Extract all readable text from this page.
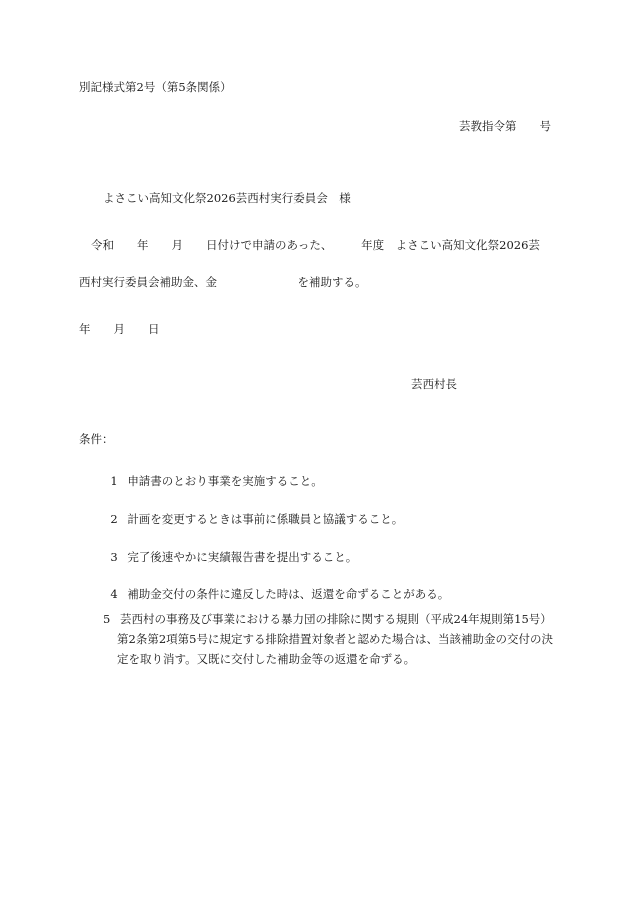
別記様式第2号（第5条関係）
芸教指令第　　号
よさこい高知文化祭2026芸西村実行委員会　様
令和　　年　　月　　日付けで申請のあった、　　　年度　よさこい高知文化祭2026芸
西村実行委員会補助金、金　　　　　　　を補助する。
年　　月　　日
芸西村長
条件：

1 申請書のとおり事業を実施すること。

2 計画を変更するときは事前に係職員と協議すること。

3 完了後速やかに実績報告書を提出すること。

4 補助金交付の条件に違反した時は、返還を命ずることがある。

5 芸西村の事務及び事業における暴力団の排除に関する規則（平成24年規則第15号）
第2条第2項第5号に規定する排除措置対象者と認めた場合は、当該補助金の交付の決
定を取り消す。又既に交付した補助金等の返還を命ずる。
